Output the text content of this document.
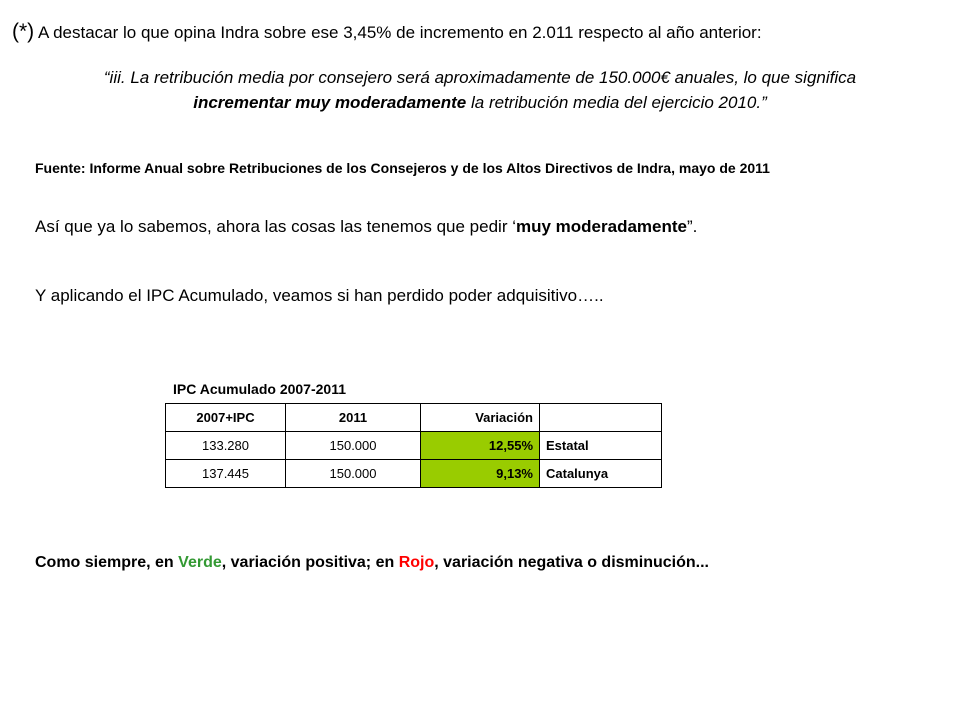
(*) A destacar lo que opina Indra sobre ese 3,45% de incremento en 2.011 respecto al año anterior:
“iii. La retribución media por consejero será aproximadamente de 150.000€ anuales, lo que significa
incrementar muy moderadamente la retribución media del ejercicio 2010.”
Fuente: Informe Anual sobre Retribuciones de los Consejeros y de los Altos Directivos de Indra, mayo de 2011
Así que ya lo sabemos, ahora las cosas las tenemos que pedir ‘muy moderadamente”.
Y aplicando el IPC Acumulado, veamos si han perdido poder adquisitivo…..
IPC Acumulado 2007-2011
2007+IPC	2011	Variación	
133.280	150.000	12,55%	Estatal
137.445	150.000	9,13%	Catalunya
Como siempre, en Verde, variación positiva; en Rojo, variación negativa o disminución...
